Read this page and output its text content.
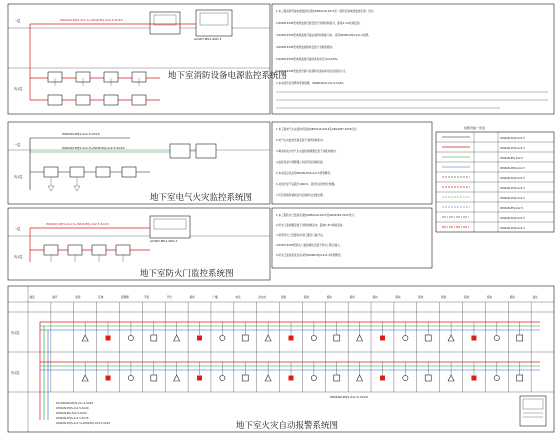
一层
负1层
ACSDY-MS1-2KD-1
WDZAN-RYJS-2x1.5+WDZ-BYJ-2x2.5-SC20
地下室消防设备电源监控系统图
1.本工程消防设备电源监控系统按GB50116-2013及《消防设备电源监控系统》设计。
2.RXPM-P100型电源监控设备安装于消防控制室内，距地1.3m挂墙安装。
3.RXPM-P100型电源监控设备由消防控制室引来，采用WDZN-RYJS-2x1.5线缆。
4.RXPM-P100型电源监控模块安装于各配电箱内。
5.RXPM-P100型电源监控设备的供电电压为AC220V。
6.RXPM-P100型监控设备与各现场设备间采用总线连接方式。
7.本系统所有线缆均穿管暗敷，WDZN-RYJS-2x1.5-SC20。
一层
负1层
WDZAN-RYJS-2x1.5-SC15
WDZAN-RYJS-2x1.5+WDZ-BYJ-2x2.5-SC20
地下室电气火灾监控系统图
1.本工程电气火灾监控系统按GB50116-2013及GB14287-2005设计。
2.电气火灾监控设备安装于消防控制室内。
3.剩余电流式电气火灾监控探测器安装于各配电箱内。
4.监控设备与探测器之间采用总线制连接。
5.本系统总线采用WDZN-RYJS-2x1.5穿管敷设。
6.总线长度不宜超过1000m，超过时应增设中继器。
7.所有穿墙穿楼板处均应做防火封堵处理。
线缆设备一览表
WDZAN-RYJS-2x1.5
WDZAN-RYJS-2x1.5
WDZAN-BYJ-2x2.5
WDZAN-RYJS-2x1.5
WDZAN-RYJS-2x1.5
WDZAN-RYJS-2x1.5
WDZAN-RYJS-2x1.5
WDZAN-BYJ-2x2.5
WDZAN-RYJS-2x1.5
WDZAN-RYJS-2x1.5
一层
负1层
WDZAN-RYJS-2x1.5+WDZ-BYJ-2x2.5-SC20
ACSDY-MS1-2KD-1
地下室防火门监控系统图
1.本工程防火门监控系统按GB50116-2013及GB29364-2012设计。
2.防火门监控器安装于消防控制室内，距地1.3m挂墙安装。
3.常开防火门设置电动闭门器及门磁开关。
4.RXFM-P100型防火门监控模块安装于防火门附近墙上。
5.防火门监控系统总线采用WDZN-RYJS-2x1.5穿管敷设。
楼层	编号	消防	区域	探测器	手报	声光	模块	广播	电话	消火栓	模块	模块	模块	模块	模块	模块	模块	模块	模块	模块	模块	备注
负1层
负1层
WDZAN-RYJS-2x1.5-SC20
ZC-WDZAN-RYJS-2x1.5-SC20
WDZAN-RYJS-2x1.5-SC20
WDZAN-BYJ-3x2.5-SC20
WDZAN-RYJS-2x1.5-SC15
WDZAN-RYJS-2x1.5+WDZ-BYJ-2x2.5-SC20	地下室火灾自动报警系统图
